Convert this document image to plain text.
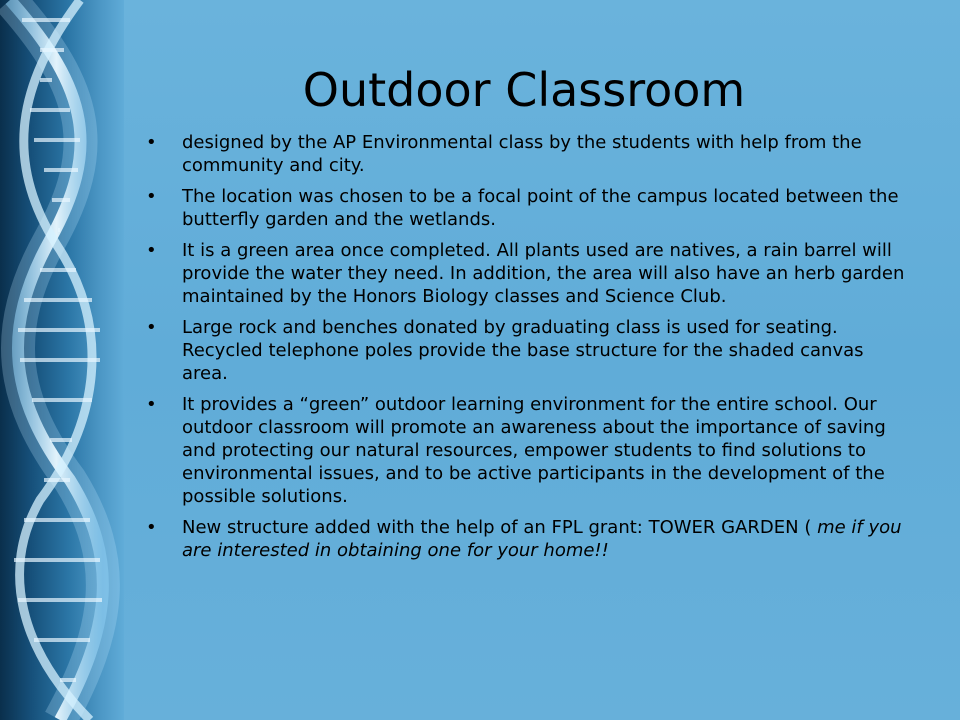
Outdoor Classroom
• designed by the AP Environmental class by the students with help from the community and city.
• The location was chosen to be a focal point of the campus located between the butterfly garden and the wetlands.
• It is a green area once completed. All plants used are natives, a rain barrel will provide the water they need. In addition, the area will also have an herb garden maintained by the Honors Biology classes and Science Club.
• Large rock and benches donated by graduating class is used for seating. Recycled telephone poles provide the base structure for the shaded canvas area.
• It provides a “green” outdoor learning environment for the entire school. Our outdoor classroom will promote an awareness about the importance of saving and protecting our natural resources, empower students to find solutions to environmental issues, and to be active participants in the development of the possible solutions.
• New structure added with the help of an FPL grant: TOWER GARDEN ( me if you are interested in obtaining one for your home!!
